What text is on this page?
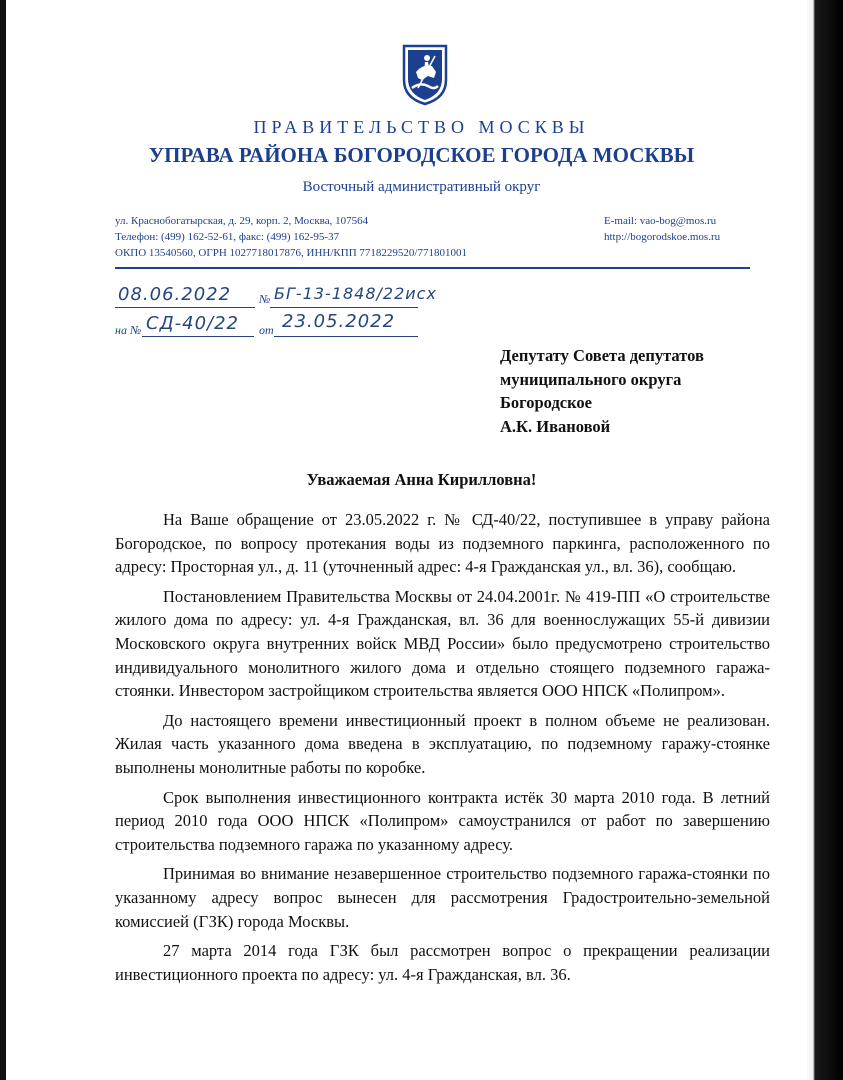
ПРАВИТЕЛЬСТВО МОСКВЫ
УПРАВА РАЙОНА БОГОРОДСКОЕ ГОРОДА МОСКВЫ
Восточный административный округ
ул. Краснобогатырская, д. 29, корп. 2, Москва, 107564
Телефон: (499) 162-52-61, факс: (499) 162-95-37
ОКПО 13540560, ОГРН 1027718017876, ИНН/КПП 7718229520/771801001
E-mail: vao-bog@mos.ru
http://bogorodskoe.mos.ru
08.06.2022 № БГ-13-1848/22исх
на № СД-40/22 от 23.05.2022
Депутату Совета депутатов
муниципального округа
Богородское
А.К. Ивановой
Уважаемая Анна Кирилловна!

На Ваше обращение от 23.05.2022 г. № СД-40/22, поступившее в управу района Богородское, по вопросу протекания воды из подземного паркинга, расположенного по адресу: Просторная ул., д. 11 (уточненный адрес: 4-я Гражданская ул., вл. 36), сообщаю.

Постановлением Правительства Москвы от 24.04.2001г. № 419-ПП «О строительстве жилого дома по адресу: ул. 4-я Гражданская, вл. 36 для военнослужащих 55-й дивизии Московского округа внутренних войск МВД России» было предусмотрено строительство индивидуального монолитного жилого дома и отдельно стоящего подземного гаража-стоянки. Инвестором застройщиком строительства является ООО НПСК «Полипром».

До настоящего времени инвестиционный проект в полном объеме не реализован. Жилая часть указанного дома введена в эксплуатацию, по подземному гаражу-стоянке выполнены монолитные работы по коробке.

Срок выполнения инвестиционного контракта истёк 30 марта 2010 года. В летний период 2010 года ООО НПСК «Полипром» самоустранился от работ по завершению строительства подземного гаража по указанному адресу.

Принимая во внимание незавершенное строительство подземного гаража-стоянки по указанному адресу вопрос вынесен для рассмотрения Градостроительно-земельной комиссией (ГЗК) города Москвы.

27 марта 2014 года ГЗК был рассмотрен вопрос о прекращении реализации инвестиционного проекта по адресу: ул. 4-я Гражданская, вл. 36.
